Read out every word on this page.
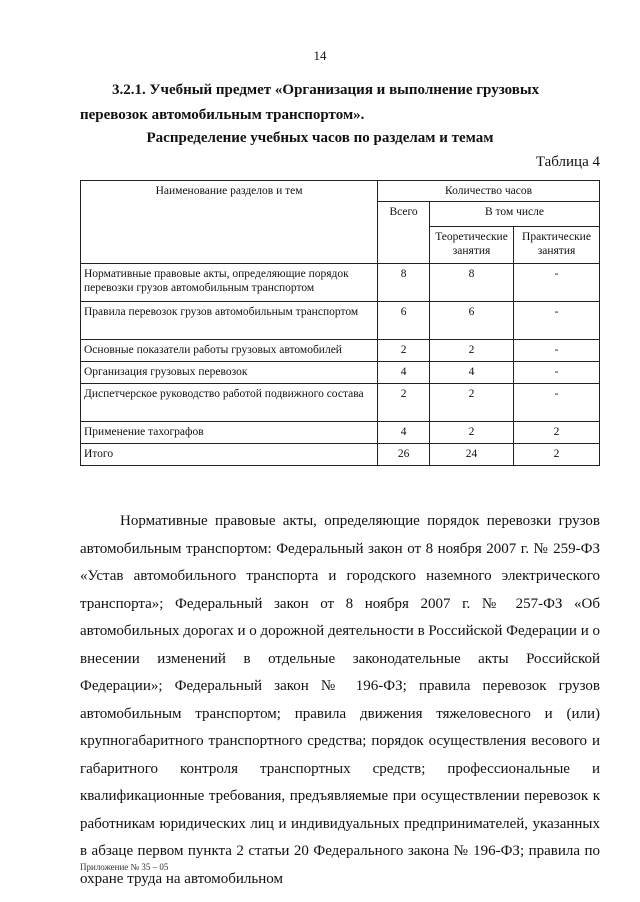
14

3.2.1. Учебный предмет «Организация и выполнение грузовых перевозок автомобильным транспортом».

Распределение учебных часов по разделам и темам
Таблица 4
Наименование разделов и тем	Количество часов		
	Всего	В том числе	
		Теоретические занятия	Практические занятия
Нормативные правовые акты, определяющие порядок перевозки грузов автомобильным транспортом	8	8	-
Правила перевозок грузов автомобильным транспортом	6	6	-
Основные показатели работы грузовых автомобилей	2	2	-
Организация грузовых перевозок	4	4	-
Диспетчерское руководство работой подвижного состава	2	2	-
Применение тахографов	4	2	2
Итого	26	24	2

Нормативные правовые акты, определяющие порядок перевозки грузов автомобильным транспортом: Федеральный закон от 8 ноября 2007 г. № 259-ФЗ «Устав автомобильного транспорта и городского наземного электрического транспорта»; Федеральный закон от 8 ноября 2007 г. № 257-ФЗ «Об автомобильных дорогах и о дорожной деятельности в Российской Федерации и о внесении изменений в отдельные законодательные акты Российской Федерации»; Федеральный закон № 196-ФЗ; правила перевозок грузов автомобильным транспортом; правила движения тяжеловесного и (или) крупногабаритного транспортного средства; порядок осуществления весового и габаритного контроля транспортных средств; профессиональные и квалификационные требования, предъявляемые при осуществлении перевозок к работникам юридических лиц и индивидуальных предпринимателей, указанных в абзаце первом пункта 2 статьи 20 Федерального закона № 196-ФЗ; правила по охране труда на автомобильном

Приложение № 35 – 05
